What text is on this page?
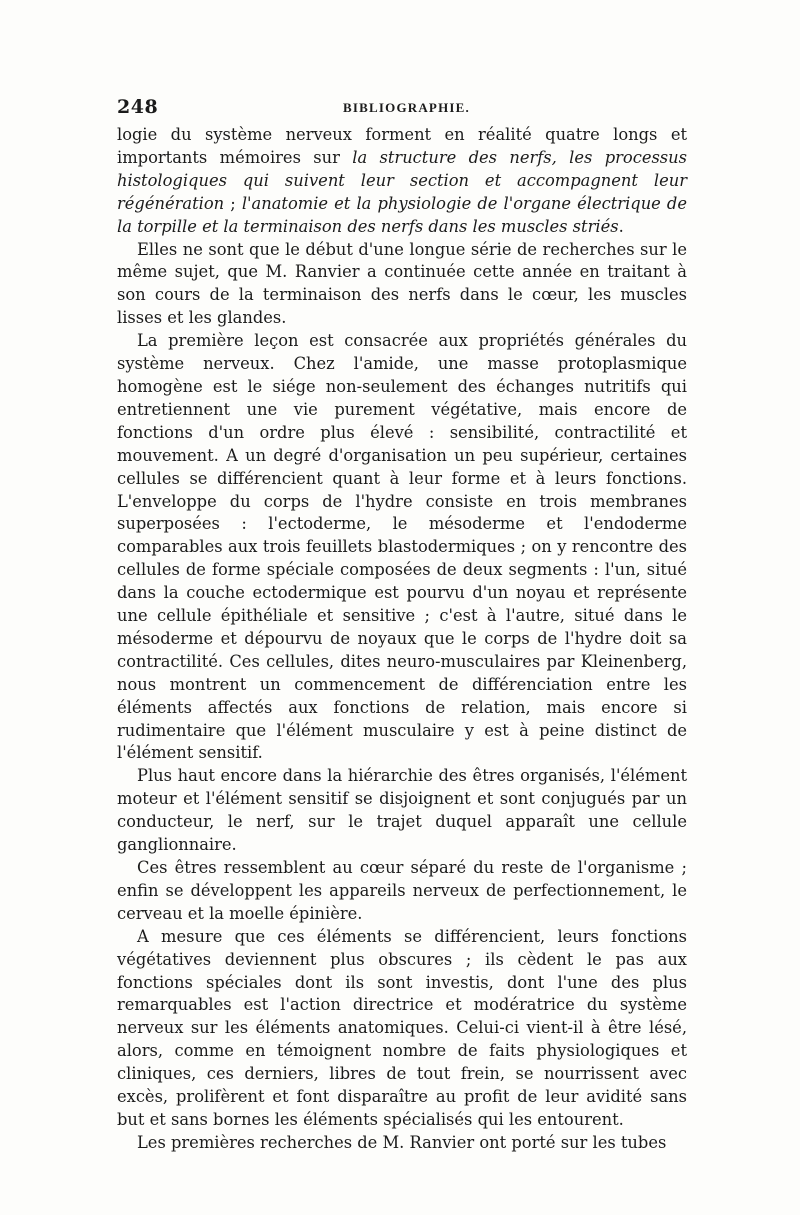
248	BIBLIOGRAPHIE.

logie du système nerveux forment en réalité quatre longs et importants mémoires sur la structure des nerfs, les processus histologiques qui suivent leur section et accompagnent leur régénération ; l'anatomie et la physiologie de l'organe électrique de la torpille et la terminaison des nerfs dans les muscles striés.

Elles ne sont que le début d'une longue série de recherches sur le même sujet, que M. Ranvier a continuée cette année en traitant à son cours de la terminaison des nerfs dans le cœur, les muscles lisses et les glandes.

La première leçon est consacrée aux propriétés générales du système nerveux. Chez l'amide, une masse protoplasmique homogène est le siége non-seulement des échanges nutritifs qui entretiennent une vie purement végétative, mais encore de fonctions d'un ordre plus élevé : sensibilité, contractilité et mouvement. A un degré d'organisation un peu supérieur, certaines cellules se différencient quant à leur forme et à leurs fonctions. L'enveloppe du corps de l'hydre consiste en trois membranes superposées : l'ectoderme, le mésoderme et l'endoderme comparables aux trois feuillets blastodermiques ; on y rencontre des cellules de forme spéciale composées de deux segments : l'un, situé dans la couche ectodermique est pourvu d'un noyau et représente une cellule épithéliale et sensitive ; c'est à l'autre, situé dans le mésoderme et dépourvu de noyaux que le corps de l'hydre doit sa contractilité. Ces cellules, dites neuro-musculaires par Kleinenberg, nous montrent un commencement de différenciation entre les éléments affectés aux fonctions de relation, mais encore si rudimentaire que l'élément musculaire y est à peine distinct de l'élément sensitif.

Plus haut encore dans la hiérarchie des êtres organisés, l'élément moteur et l'élément sensitif se disjoignent et sont conjugués par un conducteur, le nerf, sur le trajet duquel apparaît une cellule ganglionnaire.

Ces êtres ressemblent au cœur séparé du reste de l'organisme ; enfin se développent les appareils nerveux de perfectionnement, le cerveau et la moelle épinière.

A mesure que ces éléments se différencient, leurs fonctions végétatives deviennent plus obscures ; ils cèdent le pas aux fonctions spéciales dont ils sont investis, dont l'une des plus remarquables est l'action directrice et modératrice du système nerveux sur les éléments anatomiques. Celui-ci vient-il à être lésé, alors, comme en témoignent nombre de faits physiologiques et cliniques, ces derniers, libres de tout frein, se nourrissent avec excès, prolifèrent et font disparaître au profit de leur avidité sans but et sans bornes les éléments spécialisés qui les entourent.

Les premières recherches de M. Ranvier ont porté sur les tubes
